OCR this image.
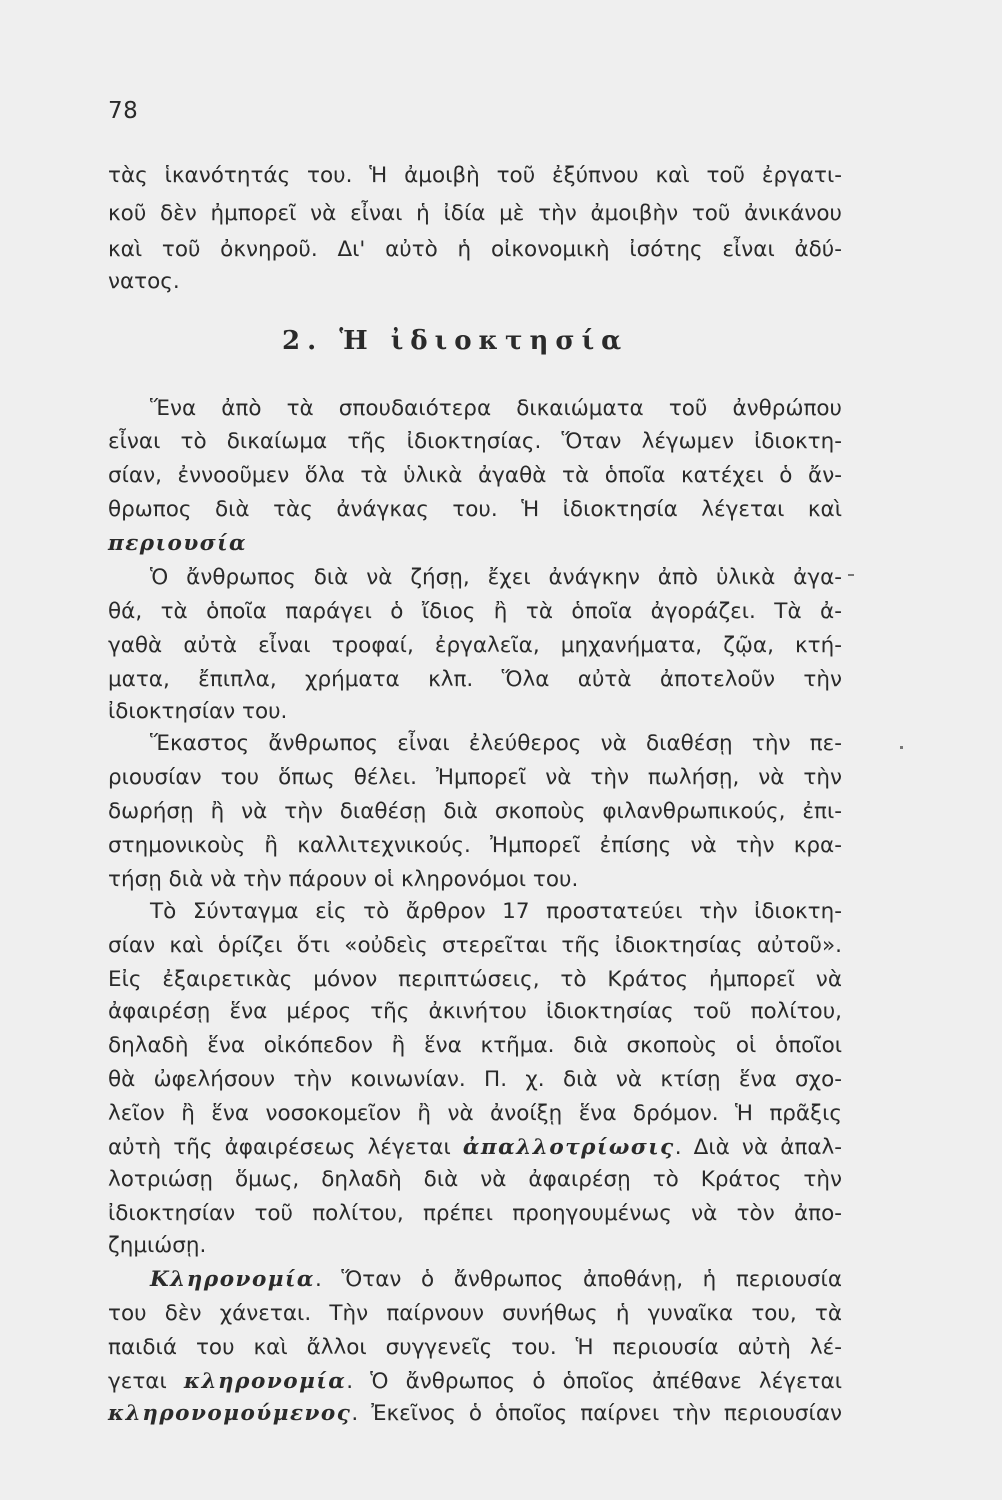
78
2. Ἡ ἰδιοκτησία
τὰς ἱκανότητάς του. Ἡ ἀμοιβὴ τοῦ ἐξύπνου καὶ τοῦ ἐργατι-
κοῦ δὲν ἠμπορεῖ νὰ εἶναι ἡ ἰδία μὲ τὴν ἀμοιβὴν τοῦ ἀνικάνου
καὶ τοῦ ὀκνηροῦ. Δι' αὐτὸ ἡ οἰκονομικὴ ἰσότης εἶναι ἀδύ-
νατος.
Ἕνα ἀπὸ τὰ σπουδαιότερα δικαιώματα τοῦ ἀνθρώπου
εἶναι τὸ δικαίωμα τῆς ἰδιοκτησίας. Ὅταν λέγωμεν ἰδιοκτη-
σίαν, ἐννοοῦμεν ὅλα τὰ ὑλικὰ ἀγαθὰ τὰ ὁποῖα κατέχει ὁ ἄν-
θρωπος διὰ τὰς ἀνάγκας του. Ἡ ἰδιοκτησία λέγεται καὶ
περιουσία
Ὁ ἄνθρωπος διὰ νὰ ζήσῃ, ἔχει ἀνάγκην ἀπὸ ὑλικὰ ἀγα-
θά, τὰ ὁποῖα παράγει ὁ ἴδιος ἢ τὰ ὁποῖα ἀγοράζει. Τὰ ἀ-
γαθὰ αὐτὰ εἶναι τροφαί, ἐργαλεῖα, μηχανήματα, ζῷα, κτή-
ματα, ἔπιπλα, χρήματα κλπ. Ὅλα αὐτὰ ἀποτελοῦν τὴν
ἰδιοκτησίαν του.
Ἕκαστος ἄνθρωπος εἶναι ἐλεύθερος νὰ διαθέσῃ τὴν πε-
ριουσίαν του ὅπως θέλει. Ἠμπορεῖ νὰ τὴν πωλήσῃ, νὰ τὴν
δωρήσῃ ἢ νὰ τὴν διαθέσῃ διὰ σκοποὺς φιλανθρωπικούς, ἐπι-
στημονικοὺς ἢ καλλιτεχνικούς. Ἠμπορεῖ ἐπίσης νὰ τὴν κρα-
τήσῃ διὰ νὰ τὴν πάρουν οἱ κληρονόμοι του.
Τὸ Σύνταγμα εἰς τὸ ἄρθρον 17 προστατεύει τὴν ἰδιοκτη-
σίαν καὶ ὁρίζει ὅτι «οὐδεὶς στερεῖται τῆς ἰδιοκτησίας αὐτοῦ».
Εἰς ἐξαιρετικὰς μόνον περιπτώσεις, τὸ Κράτος ἠμπορεῖ νὰ
ἀφαιρέσῃ ἕνα μέρος τῆς ἀκινήτου ἰδιοκτησίας τοῦ πολίτου,
δηλαδὴ ἕνα οἰκόπεδον ἢ ἕνα κτῆμα. διὰ σκοποὺς οἱ ὁποῖοι
θὰ ὠφελήσουν τὴν κοινωνίαν. Π. χ. διὰ νὰ κτίσῃ ἕνα σχο-
λεῖον ἢ ἕνα νοσοκομεῖον ἢ νὰ ἀνοίξῃ ἕνα δρόμον. Ἡ πρᾶξις
αὐτὴ τῆς ἀφαιρέσεως λέγεται ἀπαλλοτρίωσις. Διὰ νὰ ἀπαλ-
λοτριώσῃ ὅμως, δηλαδὴ διὰ νὰ ἀφαιρέσῃ τὸ Κράτος τὴν
ἰδιοκτησίαν τοῦ πολίτου, πρέπει προηγουμένως νὰ τὸν ἀπο-
ζημιώσῃ.
Κληρονομία. Ὅταν ὁ ἄνθρωπος ἀποθάνῃ, ἡ περιουσία
του δὲν χάνεται. Τὴν παίρνουν συνήθως ἡ γυναῖκα του, τὰ
παιδιά του καὶ ἄλλοι συγγενεῖς του. Ἡ περιουσία αὐτὴ λέ-
γεται κληρονομία. Ὁ ἄνθρωπος ὁ ὁποῖος ἀπέθανε λέγεται
κληρονομούμενος. Ἐκεῖνος ὁ ὁποῖος παίρνει τὴν περιουσίαν
